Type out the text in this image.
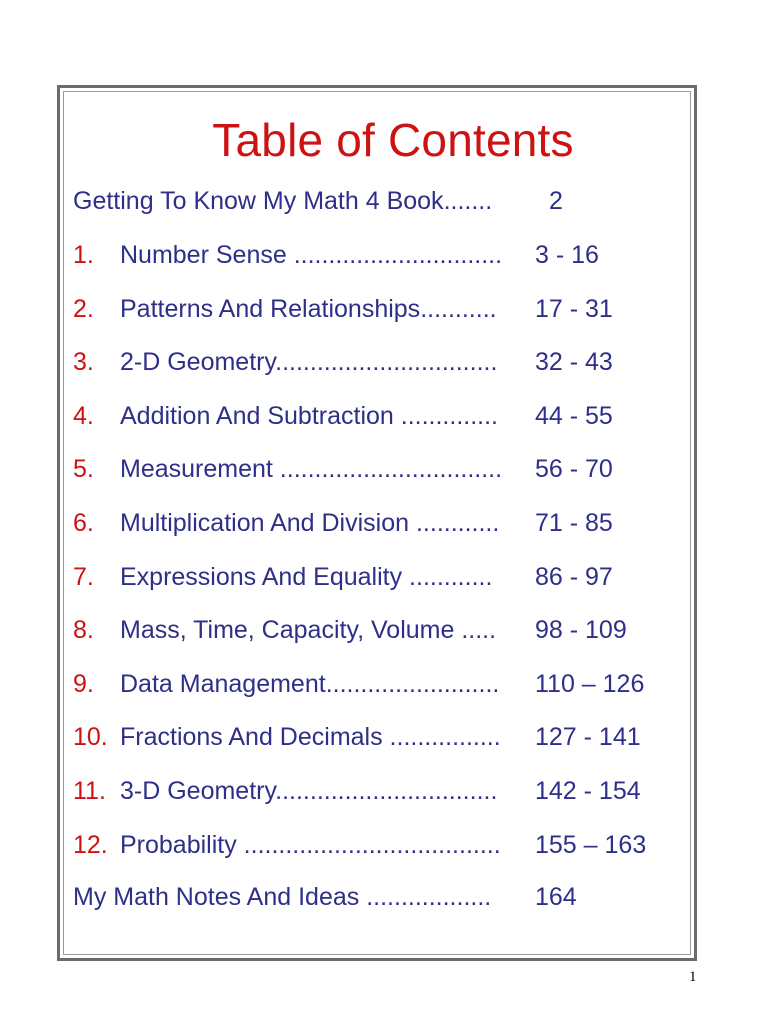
Table of Contents
Getting To Know My Math 4 Book.......	2
1. Number Sense ..............................	3 - 16
2. Patterns And Relationships...........	17 - 31
3. 2-D Geometry................................	32 - 43
4. Addition And Subtraction ..............	44 - 55
5. Measurement ................................	56 - 70
6. Multiplication And Division ............	71 - 85
7. Expressions And Equality ............	86 - 97
8. Mass, Time, Capacity, Volume .....	98 - 109
9. Data Management.........................	110 – 126
10. Fractions And Decimals ................	127 - 141
11. 3-D Geometry................................	142 - 154
12. Probability .....................................	155 – 163
My Math Notes And Ideas ..................	164
1
